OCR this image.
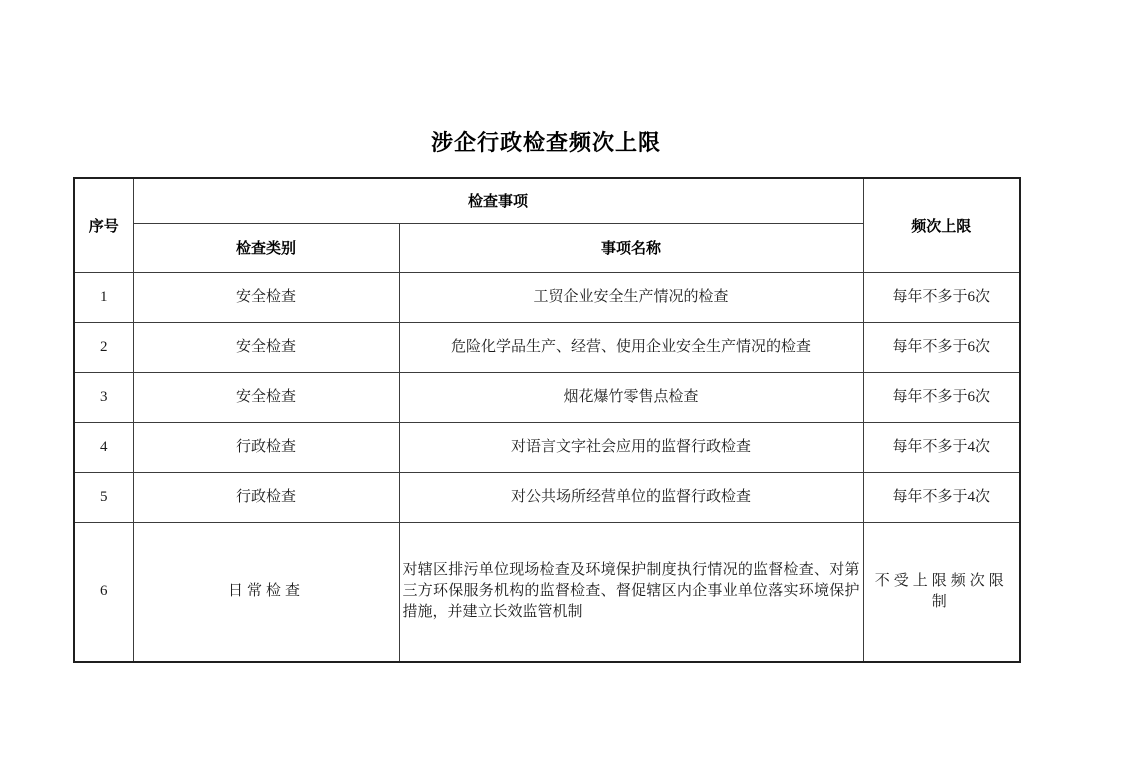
涉企行政检查频次上限
序号	检查事项		频次上限
	检查类别	事项名称	
1	安全检查	工贸企业安全生产情况的检查	每年不多于6次
2	安全检查	危险化学品生产、经营、使用企业安全生产情况的检查	每年不多于6次
3	安全检查	烟花爆竹零售点检查	每年不多于6次
4	行政检查	对语言文字社会应用的监督行政检查	每年不多于4次
5	行政检查	对公共场所经营单位的监督行政检查	每年不多于4次
6	日常检查	对辖区排污单位现场检查及环境保护制度执行情况的监督检查、对第三方环保服务机构的监督检查、督促辖区内企事业单位落实环境保护措施，并建立长效监管机制	不受上限频次限制
